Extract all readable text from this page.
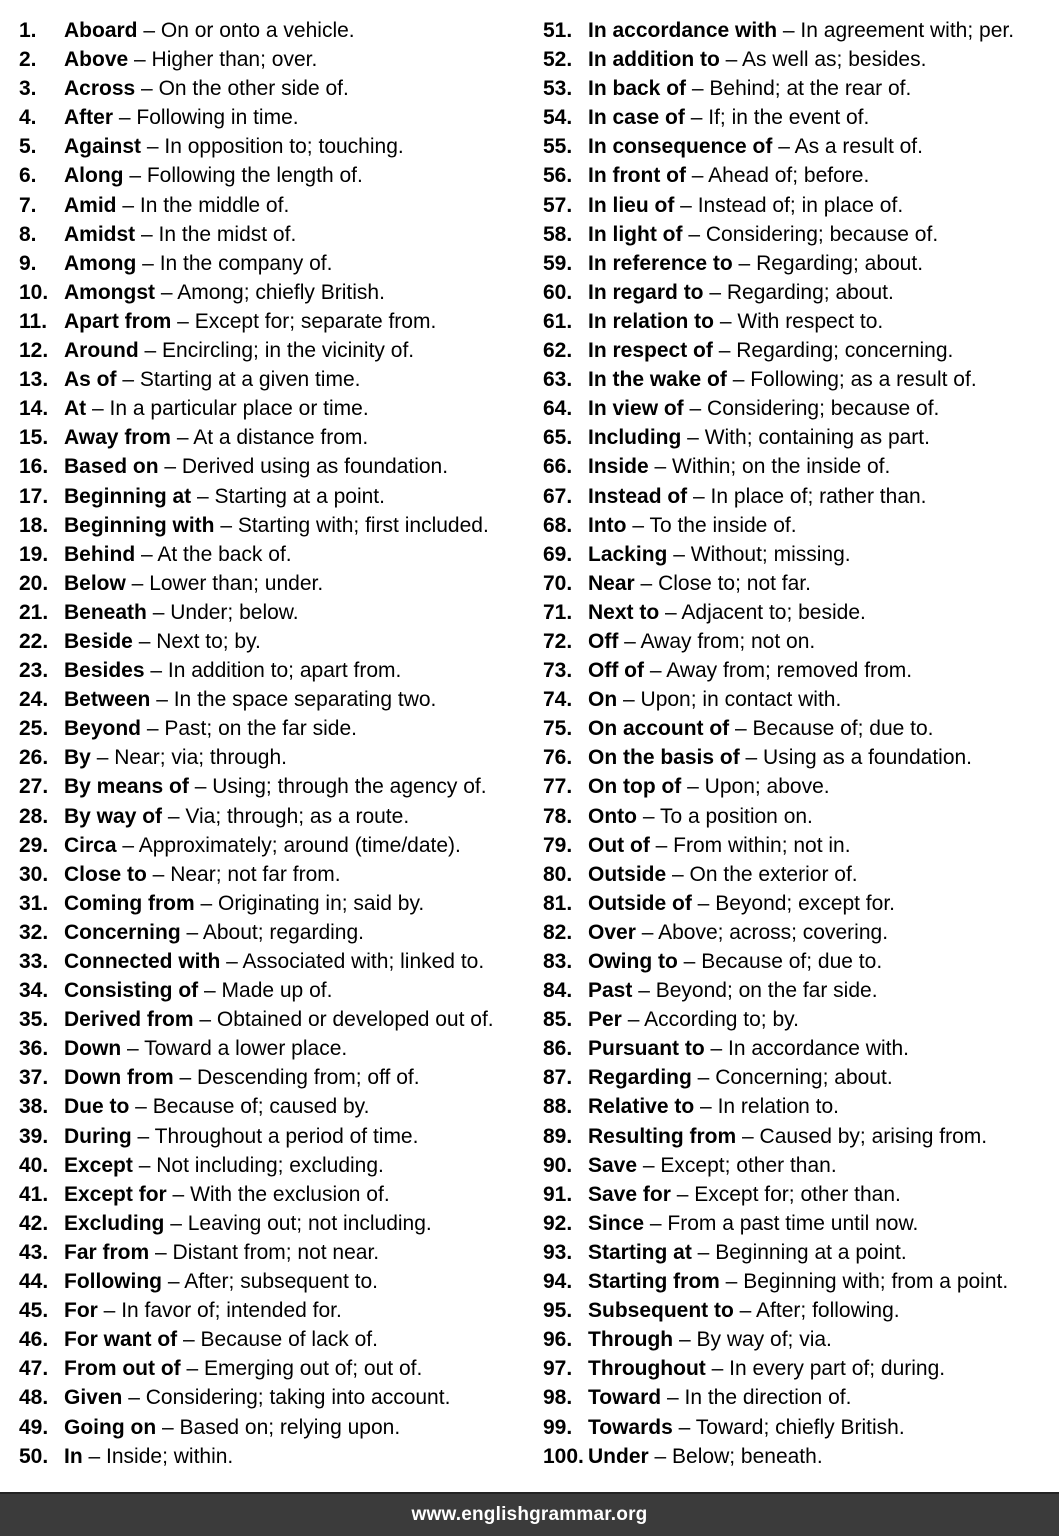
1.	Aboard – On or onto a vehicle.
2.	Above – Higher than; over.
3.	Across – On the other side of.
4.	After – Following in time.
5.	Against – In opposition to; touching.
6.	Along – Following the length of.
7.	Amid – In the middle of.
8.	Amidst – In the midst of.
9.	Among – In the company of.
10. Amongst – Among; chiefly British.
11. Apart from – Except for; separate from.
12. Around – Encircling; in the vicinity of.
13. As of – Starting at a given time.
14. At – In a particular place or time.
15. Away from – At a distance from.
16. Based on – Derived using as foundation.
17. Beginning at – Starting at a point.
18. Beginning with – Starting with; first included.
19. Behind – At the back of.
20. Below – Lower than; under.
21. Beneath – Under; below.
22. Beside – Next to; by.
23. Besides – In addition to; apart from.
24. Between – In the space separating two.
25. Beyond – Past; on the far side.
26. By – Near; via; through.
27. By means of – Using; through the agency of.
28. By way of – Via; through; as a route.
29. Circa – Approximately; around (time/date).
30. Close to – Near; not far from.
31. Coming from – Originating in; said by.
32. Concerning – About; regarding.
33. Connected with – Associated with; linked to.
34. Consisting of – Made up of.
35. Derived from – Obtained or developed out of.
36. Down – Toward a lower place.
37. Down from – Descending from; off of.
38. Due to – Because of; caused by.
39. During – Throughout a period of time.
40. Except – Not including; excluding.
41. Except for – With the exclusion of.
42. Excluding – Leaving out; not including.
43. Far from – Distant from; not near.
44. Following – After; subsequent to.
45. For – In favor of; intended for.
46. For want of – Because of lack of.
47. From out of – Emerging out of; out of.
48. Given – Considering; taking into account.
49. Going on – Based on; relying upon.
50. In – Inside; within.
51. In accordance with – In agreement with; per.
52. In addition to – As well as; besides.
53. In back of – Behind; at the rear of.
54. In case of – If; in the event of.
55. In consequence of – As a result of.
56. In front of – Ahead of; before.
57. In lieu of – Instead of; in place of.
58. In light of – Considering; because of.
59. In reference to – Regarding; about.
60. In regard to – Regarding; about.
61. In relation to – With respect to.
62. In respect of – Regarding; concerning.
63. In the wake of – Following; as a result of.
64. In view of – Considering; because of.
65. Including – With; containing as part.
66. Inside – Within; on the inside of.
67. Instead of – In place of; rather than.
68. Into – To the inside of.
69. Lacking – Without; missing.
70. Near – Close to; not far.
71. Next to – Adjacent to; beside.
72. Off – Away from; not on.
73. Off of – Away from; removed from.
74. On – Upon; in contact with.
75. On account of – Because of; due to.
76. On the basis of – Using as a foundation.
77. On top of – Upon; above.
78. Onto – To a position on.
79. Out of – From within; not in.
80. Outside – On the exterior of.
81. Outside of – Beyond; except for.
82. Over – Above; across; covering.
83. Owing to – Because of; due to.
84. Past – Beyond; on the far side.
85. Per – According to; by.
86. Pursuant to – In accordance with.
87. Regarding – Concerning; about.
88. Relative to – In relation to.
89. Resulting from – Caused by; arising from.
90. Save – Except; other than.
91. Save for – Except for; other than.
92. Since – From a past time until now.
93. Starting at – Beginning at a point.
94. Starting from – Beginning with; from a point.
95. Subsequent to – After; following.
96. Through – By way of; via.
97. Throughout – In every part of; during.
98. Toward – In the direction of.
99. Towards – Toward; chiefly British.
100. Under – Below; beneath.
www.englishgrammar.org
